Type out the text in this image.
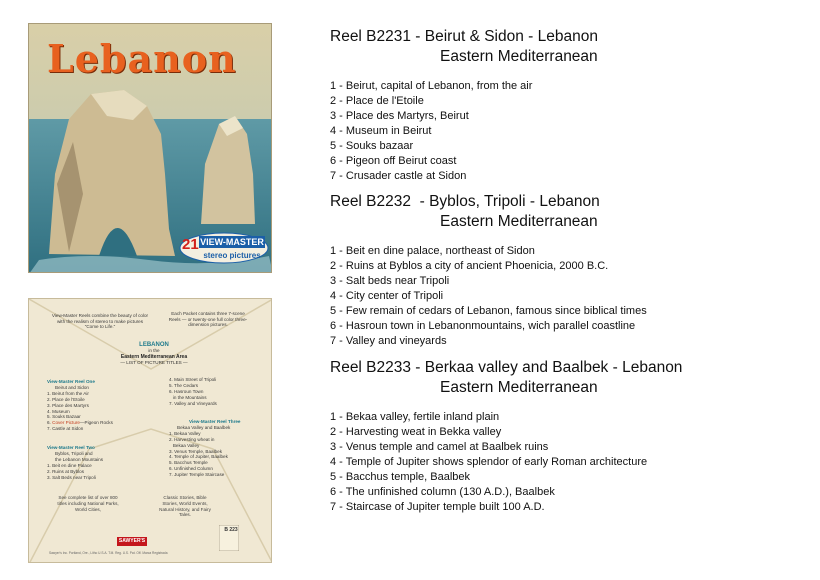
Lebanon
21 VIEW-MASTER
stereo pictures
View-Master Reels combine the beauty of color with the realism of stereo to make pictures "Come to Life."
Each Packet contains three 7-scene Reels — or twenty-one full color three-dimension pictures.
LEBANON
in the
Eastern Mediterranean Area
— LIST OF PICTURE TITLES —
View-Master Reel One
Beirut and Sidon
1. Beirut from the Air
2. Place de l'Etoile
3. Place des Martyrs
4. Museum
5. Souks Bazaar
6. Cover Picture—Pigeon Rocks
7. Castle at Sidon
View-Master Reel Two
Byblos, Tripoli and
the Lebanon Mountains
1. Beit en dine Palace
2. Ruins at Byblos
3. Salt Beds near Tripoli
4. Main Street of Tripoli
5. The Cedars
6. Hasroun Town
in the Mountains
7. Valley and Vineyards
View-Master Reel Three
Bekaa Valley and Baalbek
1. Bekaa Valley
2. Harvesting wheat in
Bekaa Valley
3. Venus Temple, Baalbek
4. Temple of Jupiter, Baalbek
5. Bacchus Temple
6. Unfinished Column
7. Jupiter Temple Staircase
See complete list of over 800 titles including National Parks, World Cities,
Classic Stories, Bible Stories, World Events, Natural History, and Fairy Tales.
B 223
SAWYER'S
Sawyer's Inc. Portland, Ore., Litho U.S.A. T.M. Reg. U.S. Pat. Off. Marca Registrada
Reel B2231 - Beirut & Sidon - Lebanon

Eastern Mediterranean

1 - Beirut, capital of Lebanon, from the air
2 - Place de l'Etoile
3 - Place des Martyrs, Beirut
4 - Museum in Beirut
5 - Souks bazaar
6 - Pigeon off Beirut coast
7 - Crusader castle at Sidon
Reel B2232  - Byblos, Tripoli - Lebanon

Eastern Mediterranean

1 - Beit en dine palace, northeast of Sidon
2 - Ruins at Byblos a city of ancient Phoenicia, 2000 B.C.
3 - Salt beds near Tripoli
4 - City center of Tripoli
5 - Few remain of cedars of Lebanon, famous since biblical times
6 - Hasroun town in Lebanonmountains, wich parallel coastline
7 - Valley and vineyards
Reel B2233 - Berkaa valley and Baalbek - Lebanon

Eastern Mediterranean

1 - Bekaa valley, fertile inland plain
2 - Harvesting weat in Bekka valley
3 - Venus temple and camel at Baalbek ruins
4 - Temple of Jupiter shows splendor of early Roman architecture
5 - Bacchus temple, Baalbek
6 - The unfinished column (130 A.D.), Baalbek
7 - Staircase of Jupiter temple built 100 A.D.
